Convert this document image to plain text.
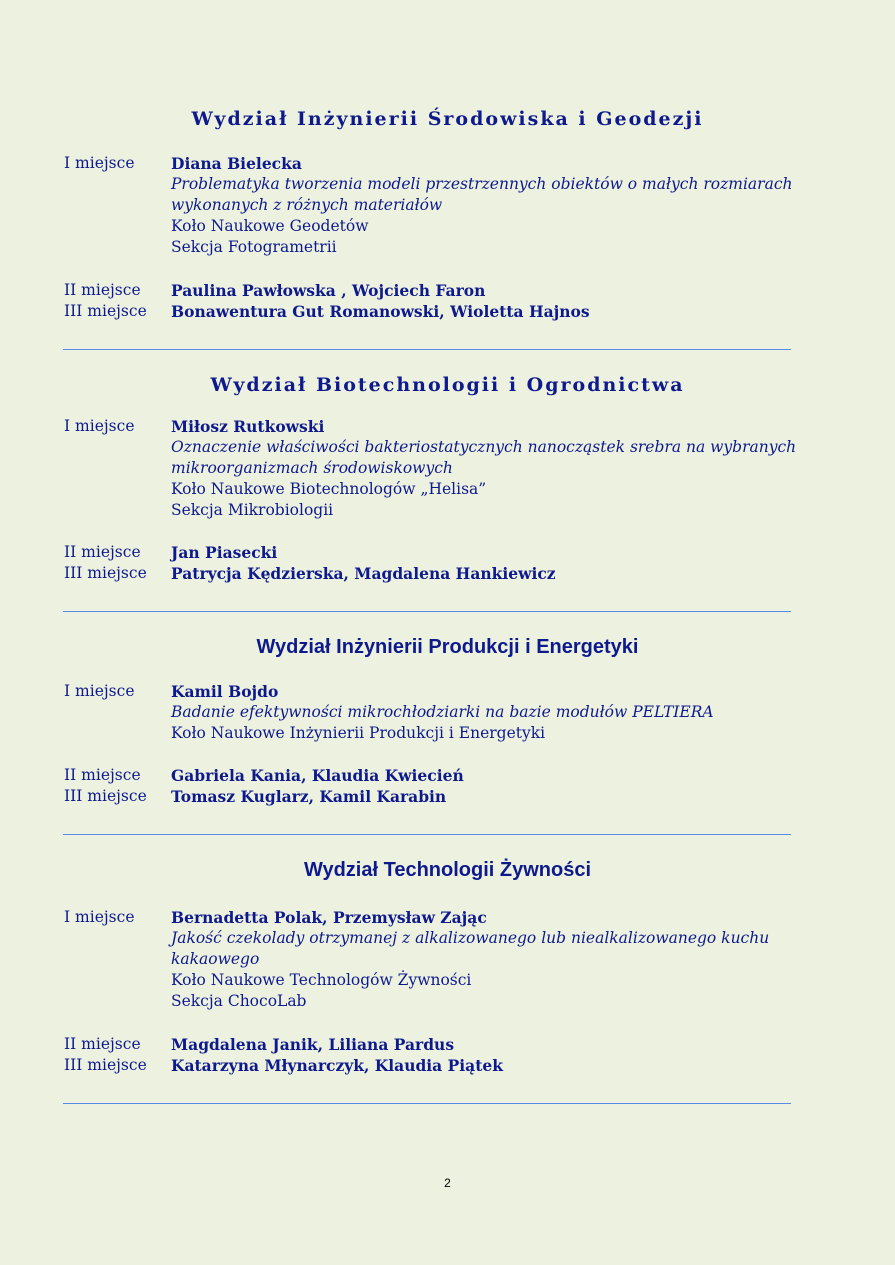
Wydział Inżynierii Środowiska i Geodezji
I miejsce Diana Bielecka
Problematyka tworzenia modeli przestrzennych obiektów o małych rozmiarach
wykonanych z różnych materiałów
Koło Naukowe Geodetów
Sekcja Fotogrametrii
II miejsce Paulina Pawłowska , Wojciech Faron
III miejsce Bonawentura Gut Romanowski, Wioletta Hajnos
Wydział Biotechnologii i Ogrodnictwa
I miejsce Miłosz Rutkowski
Oznaczenie właściwości bakteriostatycznych nanocząstek srebra na wybranych
mikroorganizmach środowiskowych
Koło Naukowe Biotechnologów „Helisa”
Sekcja Mikrobiologii
II miejsce Jan Piasecki
III miejsce Patrycja Kędzierska, Magdalena Hankiewicz
Wydział Inżynierii Produkcji i Energetyki
I miejsce Kamil Bojdo
Badanie efektywności mikrochłodziarki na bazie modułów PELTIERA
Koło Naukowe Inżynierii Produkcji i Energetyki
II miejsce Gabriela Kania, Klaudia Kwiecień
III miejsce Tomasz Kuglarz, Kamil Karabin
Wydział Technologii Żywności
I miejsce Bernadetta Polak, Przemysław Zając
Jakość czekolady otrzymanej z alkalizowanego lub niealkalizowanego kuchu
kakaowego
Koło Naukowe Technologów Żywności
Sekcja ChocoLab
II miejsce Magdalena Janik, Liliana Pardus
III miejsce Katarzyna Młynarczyk, Klaudia Piątek
2
